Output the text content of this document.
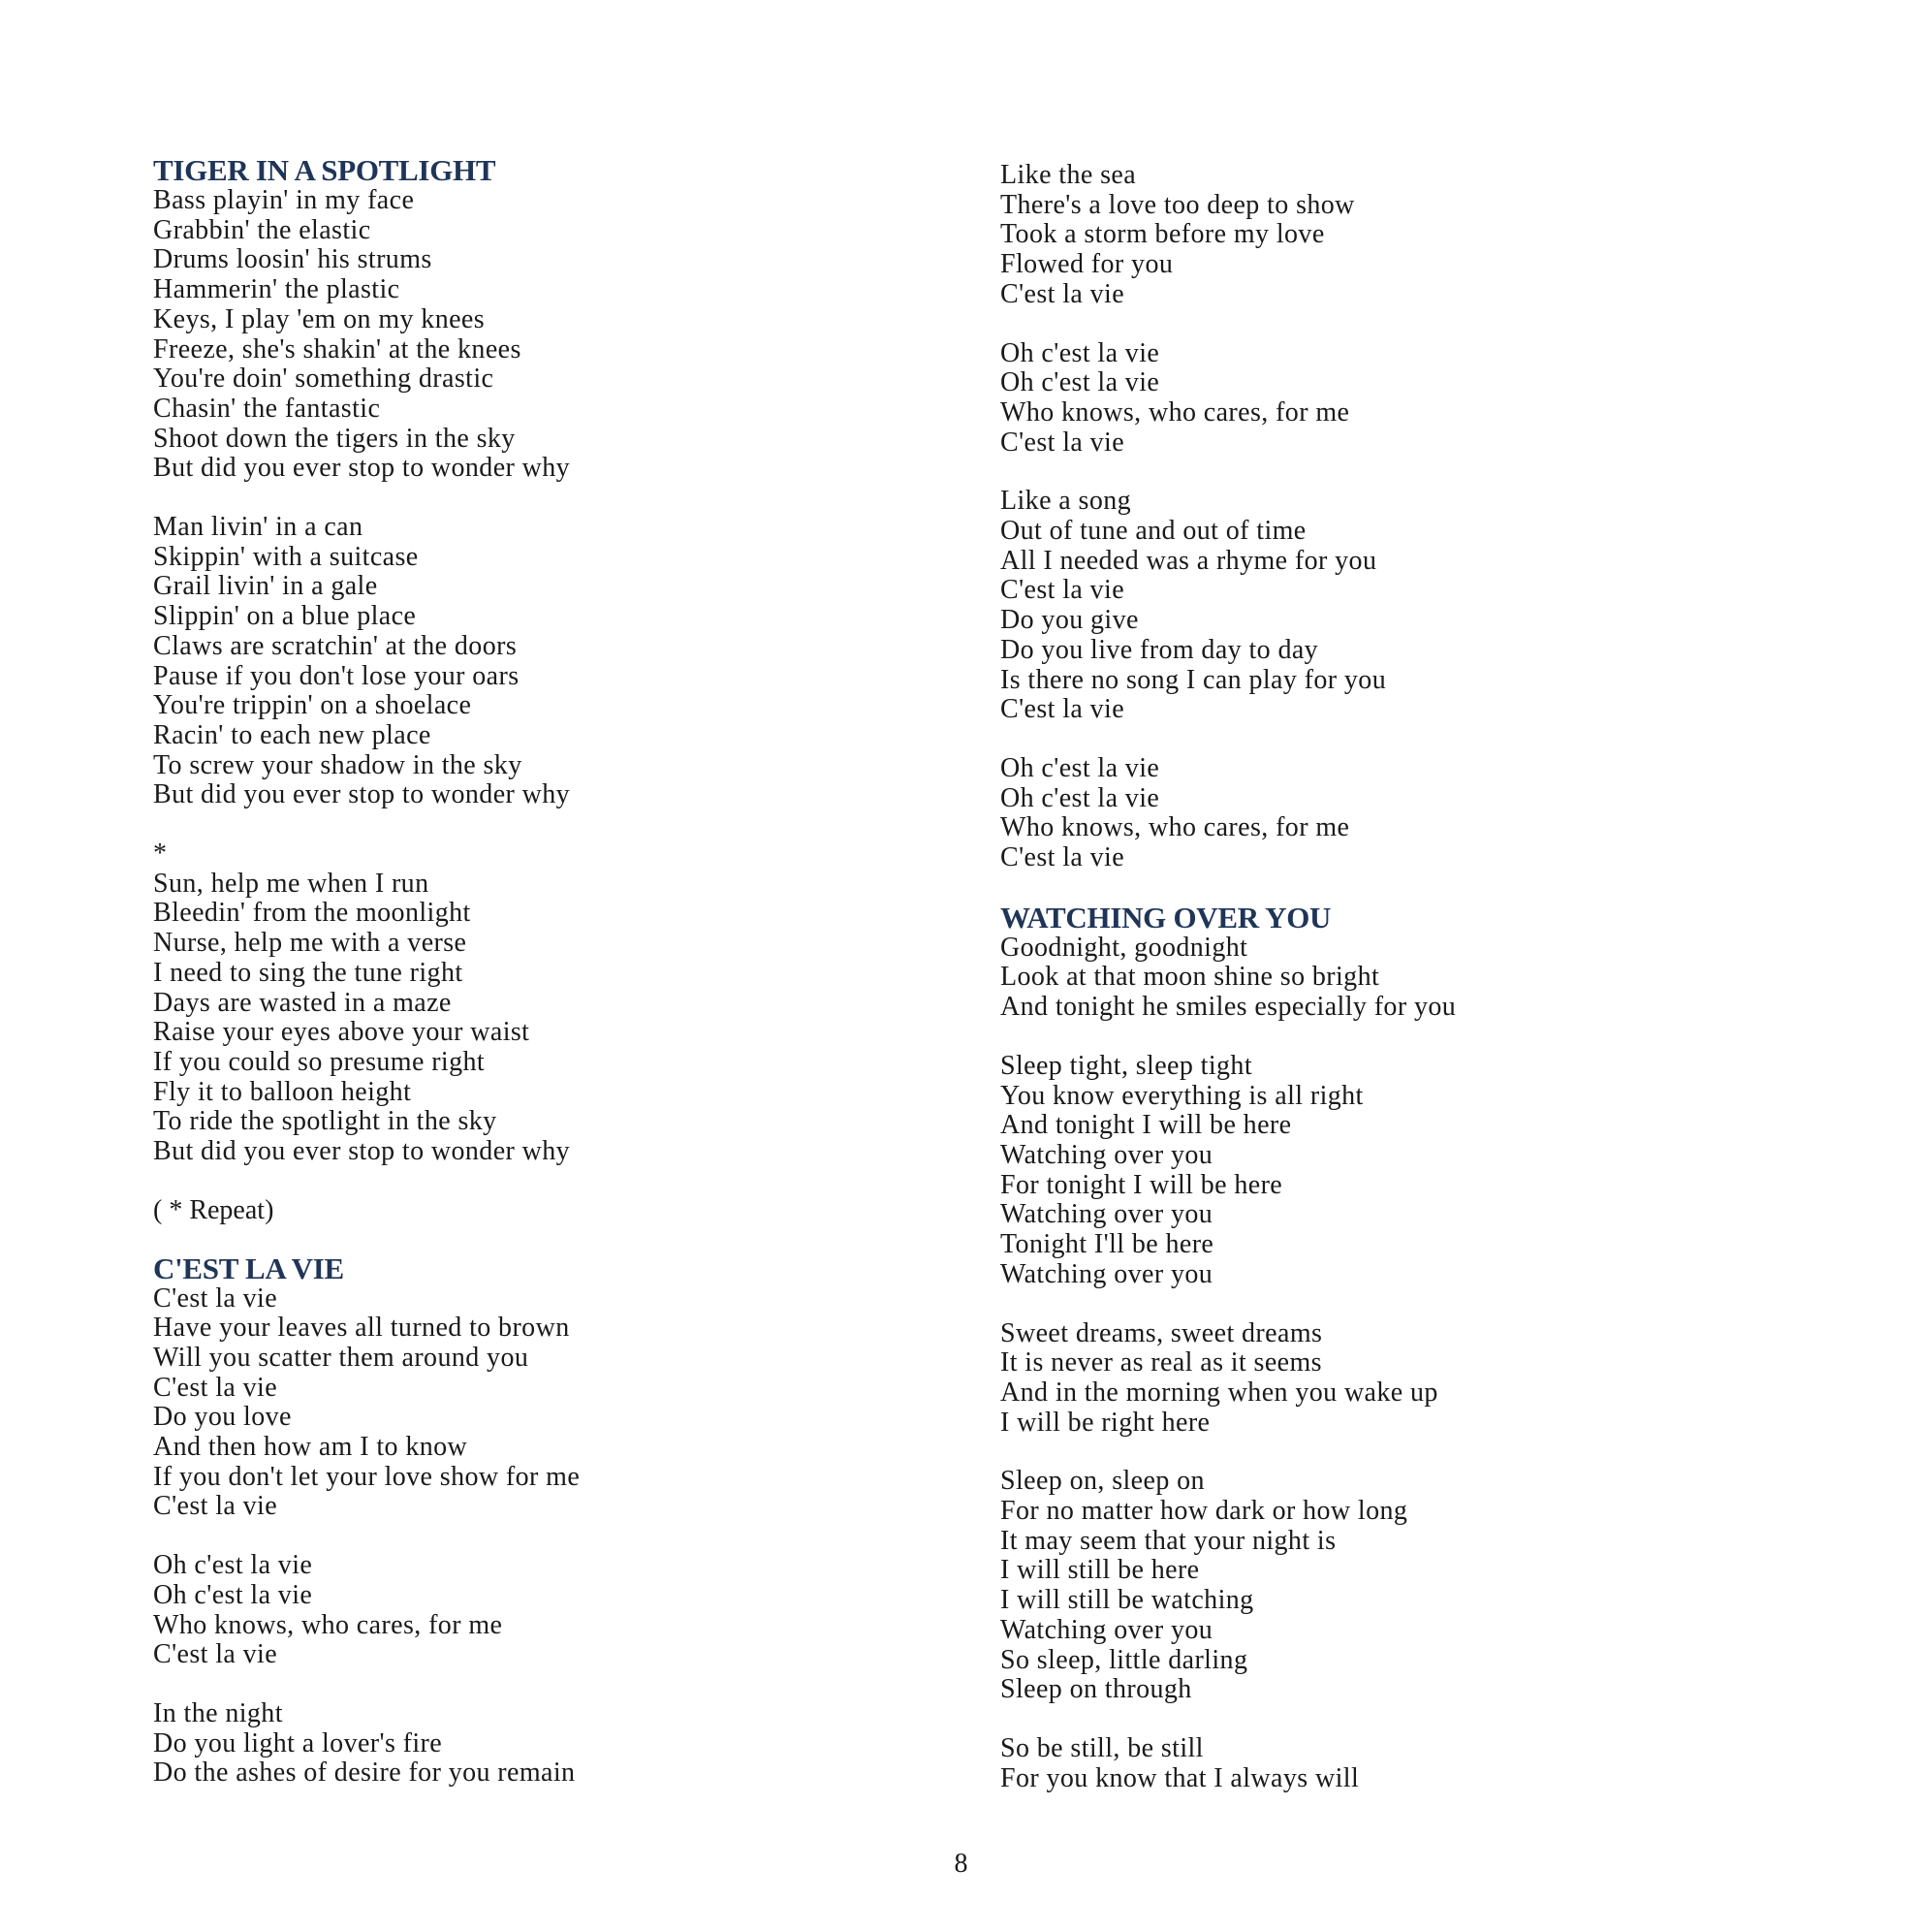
TIGER IN A SPOTLIGHT
Bass playin' in my face
Grabbin' the elastic
Drums loosin' his strums
Hammerin' the plastic
Keys, I play 'em on my knees
Freeze, she's shakin' at the knees
You're doin' something drastic
Chasin' the fantastic
Shoot down the tigers in the sky
But did you ever stop to wonder why
Man livin' in a can
Skippin' with a suitcase
Grail livin' in a gale
Slippin' on a blue place
Claws are scratchin' at the doors
Pause if you don't lose your oars
You're trippin' on a shoelace
Racin' to each new place
To screw your shadow in the sky
But did you ever stop to wonder why
*
Sun, help me when I run
Bleedin' from the moonlight
Nurse, help me with a verse
I need to sing the tune right
Days are wasted in a maze
Raise your eyes above your waist
If you could so presume right
Fly it to balloon height
To ride the spotlight in the sky
But did you ever stop to wonder why
( * Repeat)
C'EST LA VIE
C'est la vie
Have your leaves all turned to brown
Will you scatter them around you
C'est la vie
Do you love
And then how am I to know
If you don't let your love show for me
C'est la vie
Oh c'est la vie
Oh c'est la vie
Who knows, who cares, for me
C'est la vie
In the night
Do you light a lover's fire
Do the ashes of desire for you remain
Like the sea
There's a love too deep to show
Took a storm before my love
Flowed for you
C'est la vie
Oh c'est la vie
Oh c'est la vie
Who knows, who cares, for me
C'est la vie
Like a song
Out of tune and out of time
All I needed was a rhyme for you
C'est la vie
Do you give
Do you live from day to day
Is there no song I can play for you
C'est la vie
Oh c'est la vie
Oh c'est la vie
Who knows, who cares, for me
C'est la vie
WATCHING OVER YOU
Goodnight, goodnight
Look at that moon shine so bright
And tonight he smiles especially for you
Sleep tight, sleep tight
You know everything is all right
And tonight I will be here
Watching over you
For tonight I will be here
Watching over you
Tonight I'll be here
Watching over you
Sweet dreams, sweet dreams
It is never as real as it seems
And in the morning when you wake up
I will be right here
Sleep on, sleep on
For no matter how dark or how long
It may seem that your night is
I will still be here
I will still be watching
Watching over you
So sleep, little darling
Sleep on through
So be still, be still
For you know that I always will
8
